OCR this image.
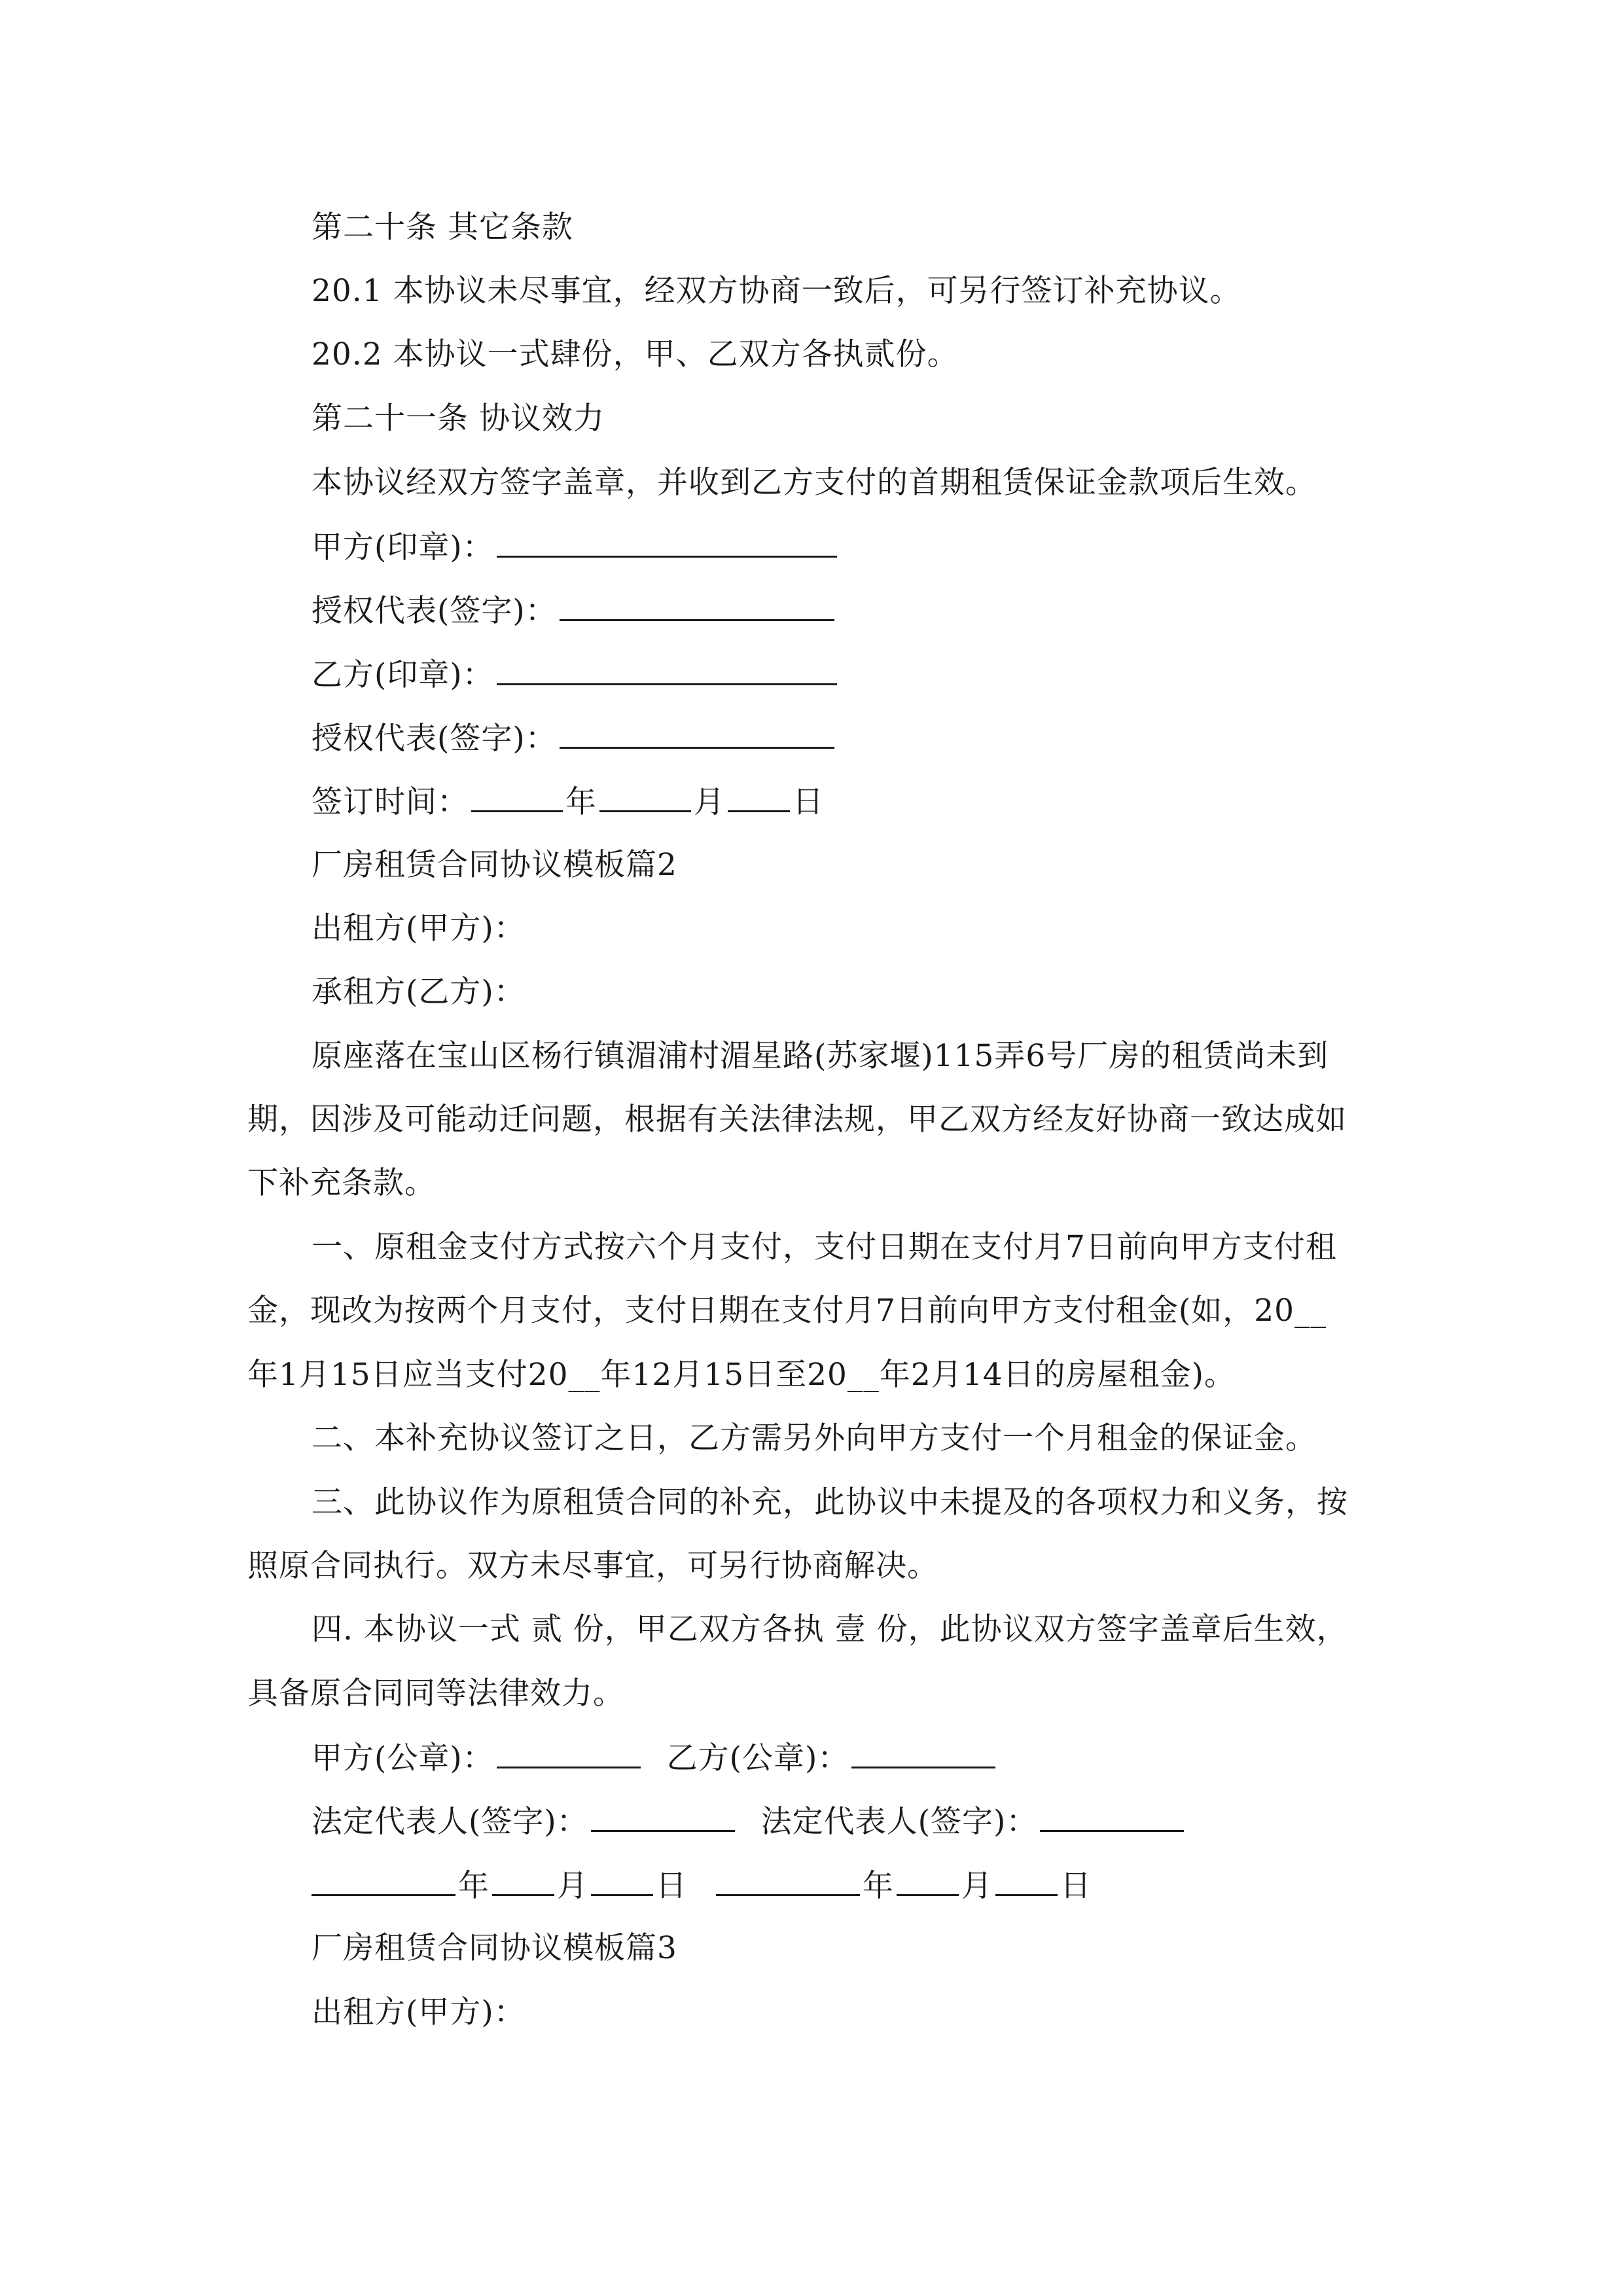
第二十条 其它条款
20.1 本协议未尽事宜，经双方协商一致后，可另行签订补充协议。
20.2 本协议一式肆份，甲、乙双方各执贰份。
第二十一条 协议效力
本协议经双方签字盖章，并收到乙方支付的首期租赁保证金款项后生效。
甲方(印章)：
授权代表(签字)：
乙方(印章)：
授权代表(签字)：
签订时间：	年	月 日
厂房租赁合同协议模板篇2
出租方(甲方)：
承租方(乙方)：
原座落在宝山区杨行镇湄浦村湄星路(苏家堰)115弄6号厂房的租赁尚未到
期，因涉及可能动迁问题，根据有关法律法规，甲乙双方经友好协商一致达成如
下补充条款。
一、原租金支付方式按六个月支付，支付日期在支付月7日前向甲方支付租
金，现改为按两个月支付，支付日期在支付月7日前向甲方支付租金(如，20__
年1月15日应当支付20__年12月15日至20__年2月14日的房屋租金)。
二、本补充协议签订之日，乙方需另外向甲方支付一个月租金的保证金。
三、此协议作为原租赁合同的补充，此协议中未提及的各项权力和义务，按
照原合同执行。双方未尽事宜，可另行协商解决。
四. 本协议一式 贰 份，甲乙双方各执 壹 份，此协议双方签字盖章后生效，
具备原合同同等法律效力。
甲方(公章)：	乙方(公章)：
法定代表人(签字)：	法定代表人(签字)：
年 月 日	年 月 日
厂房租赁合同协议模板篇3
出租方(甲方)：
